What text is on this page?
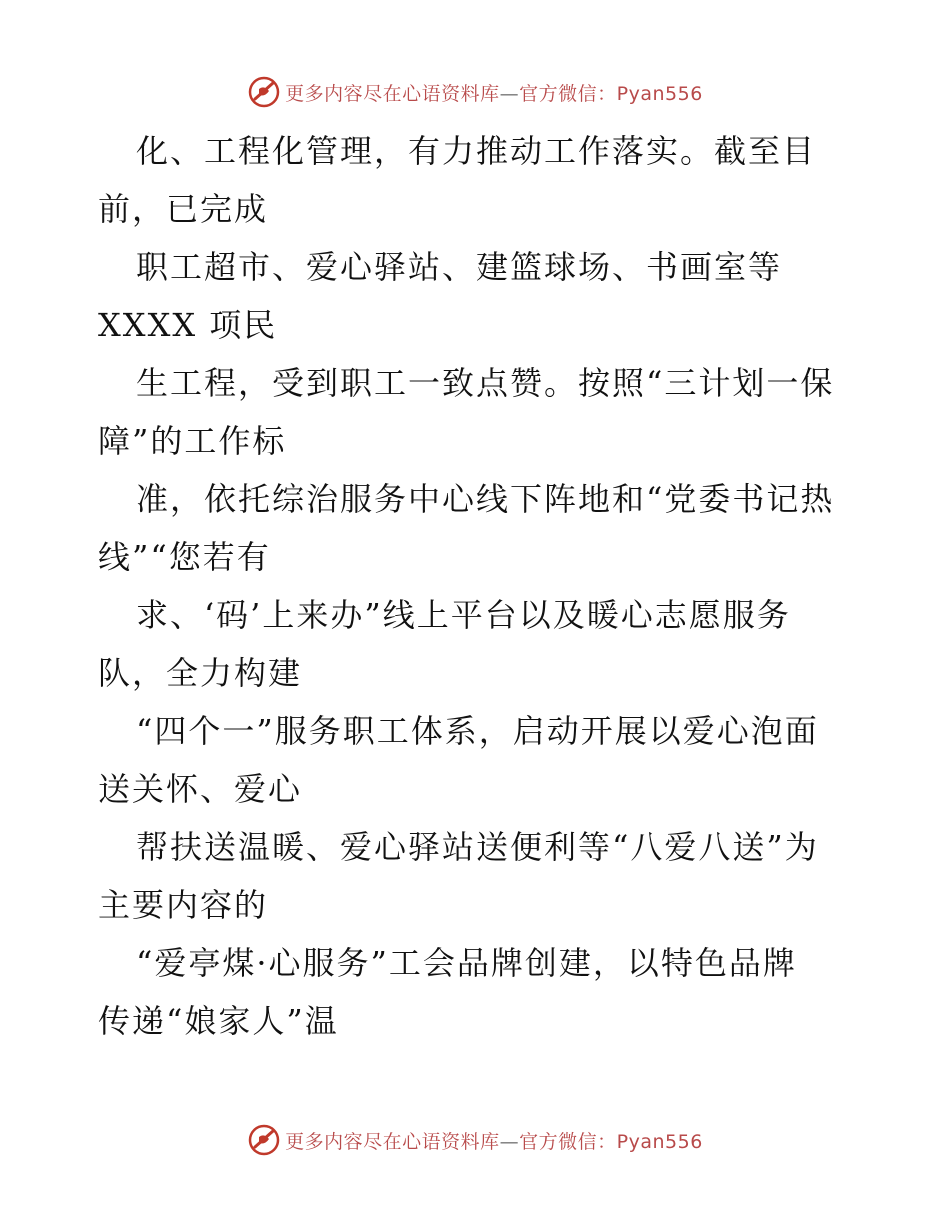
更多内容尽在心语资料库—官方微信：Pyan556
化、工程化管理，有力推动工作落实。截至目
前，已完成
职工超市、爱心驿站、建篮球场、书画室等
XXXX 项民
生工程，受到职工一致点赞。按照“三计划一保
障”的工作标
准，依托综治服务中心线下阵地和“党委书记热
线”“您若有
求、‘码’上来办”线上平台以及暖心志愿服务
队，全力构建
“四个一”服务职工体系，启动开展以爱心泡面
送关怀、爱心
帮扶送温暖、爱心驿站送便利等“八爱八送”为
主要内容的
“爱亭煤·心服务”工会品牌创建，以特色品牌
传递“娘家人”温
更多内容尽在心语资料库—官方微信：Pyan556
